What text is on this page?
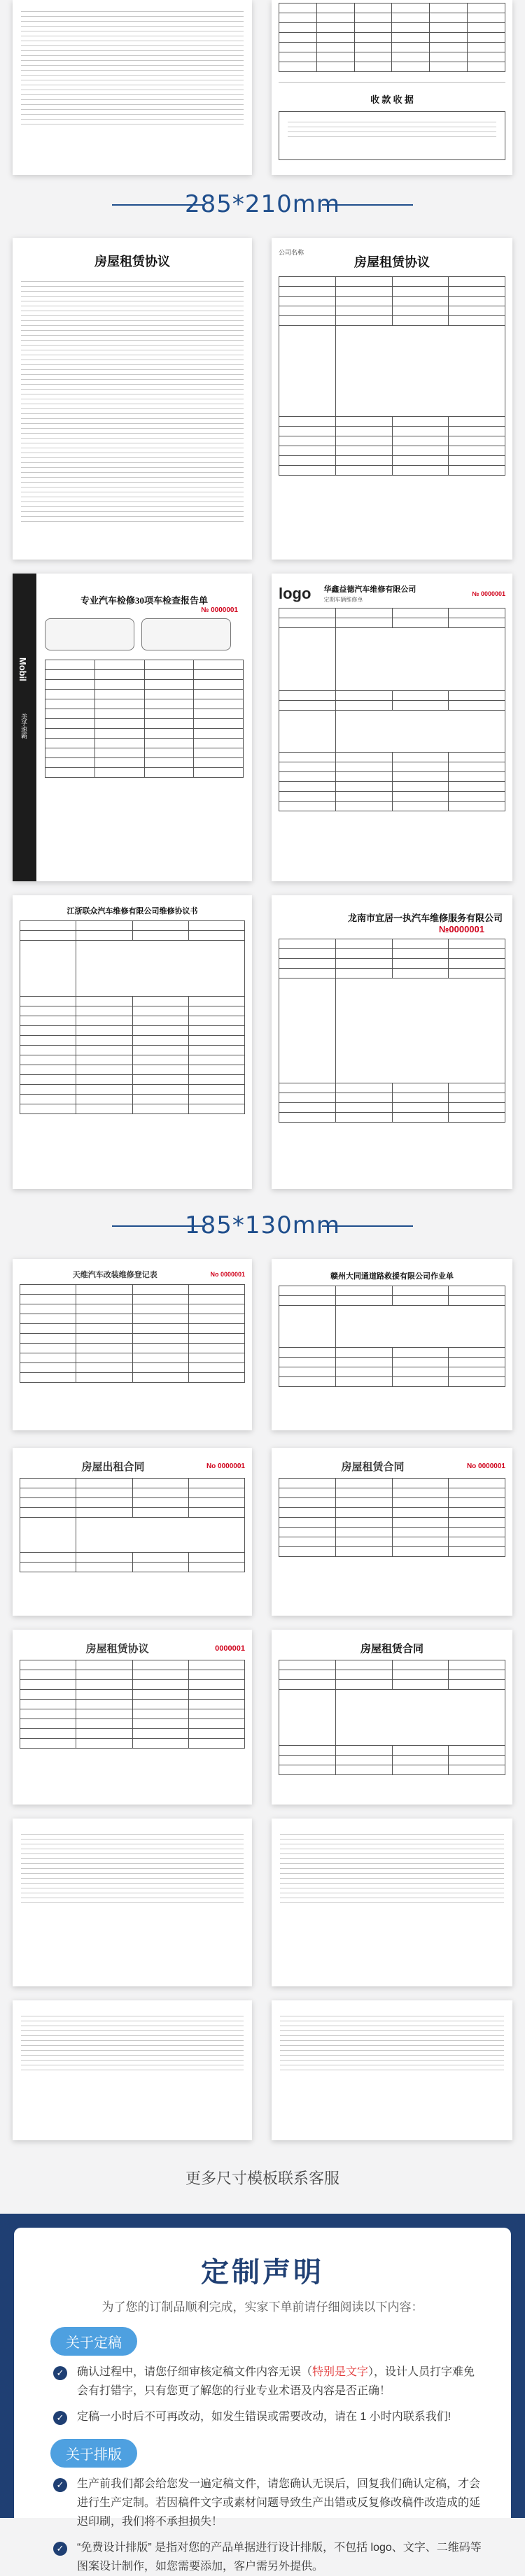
收 款 收 据
285*210mm
房屋租赁协议
公司名称
房屋租赁协议

Mobil
美孚速霸
专业汽车检修30项车检查报告单
№ 0000001

logo 华鑫益德汽车维修有限公司
定期车辆维修单
№ 0000001

江浙联众汽车维修有限公司维修协议书

龙南市宜居一执汽车维修服务有限公司
№0000001

185*130mm
天维汽车改装维修登记表	No 0000001

				赣州大同通道路救援有限公司作业单

房屋出租合同	No 0000001

				房屋租赁合同	No 0000001

房屋租赁协议	0000001

				房屋租赁合同

更多尺寸模板联系客服
定制声明
为了您的订制品顺利完成，实家下单前请仔细阅读以下内容：
关于定稿
✓ 确认过程中，请您仔细审核定稿文件内容无误（特别是文字），设计人员打字难免会有打错字，只有您更了解您的行业专业术语及内容是否正确！
✓ 定稿一小时后不可再改动，如发生错误或需要改动，请在 1 小时内联系我们!
关于排版
✓ 生产前我们都会给您发一遍定稿文件，请您确认无误后，回复我们确认定稿，才会进行生产定制。若因稿件文字或素材问题导致生产出错或反复修改稿件改造成的延迟印刷，我们将不承担损失！
✓ “免费设计排版” 是指对您的产品单据进行设计排版，不包括 logo、文字、二维码等图案设计制作，如您需要添加，客户需另外提供。
